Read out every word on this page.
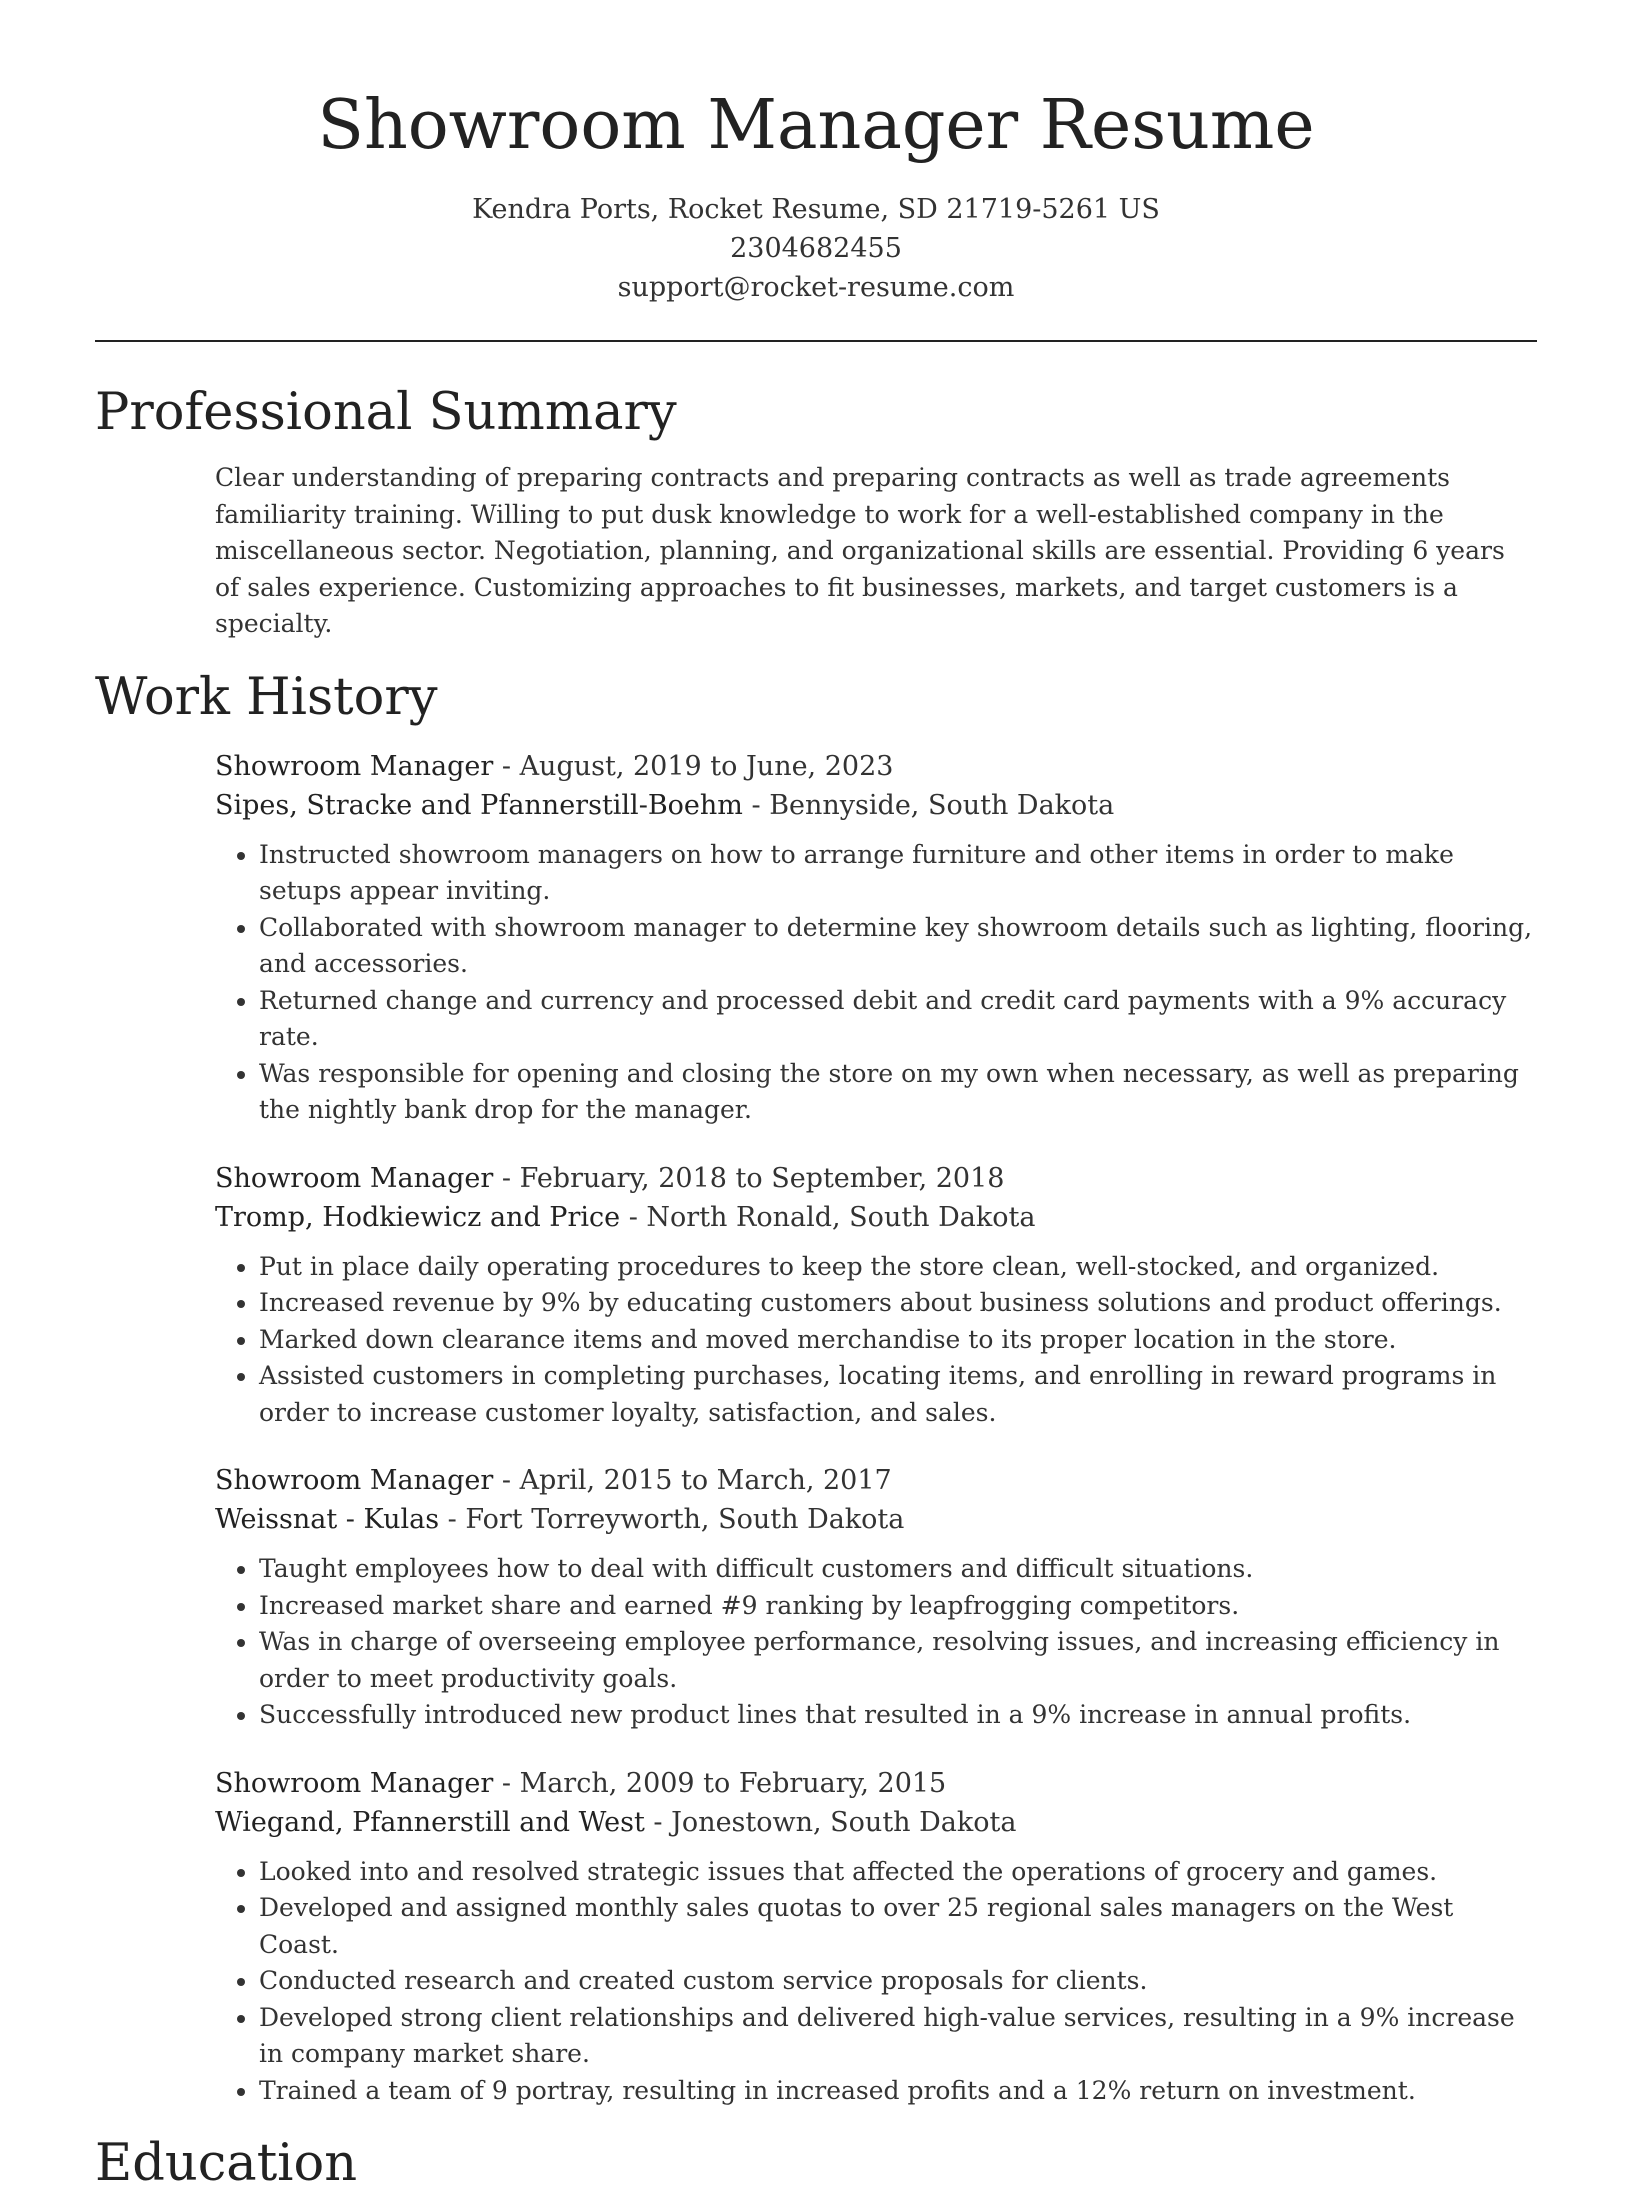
Showroom Manager Resume
Kendra Ports, Rocket Resume, SD 21719-5261 US
2304682455
support@rocket-resume.com
Professional Summary

Clear understanding of preparing contracts and preparing contracts as well as trade agreements familiarity training. Willing to put dusk knowledge to work for a well-established company in the miscellaneous sector. Negotiation, planning, and organizational skills are essential. Providing 6 years of sales experience. Customizing approaches to fit businesses, markets, and target customers is a specialty.

Work History
Showroom Manager - August, 2019 to June, 2023
Sipes, Stracke and Pfannerstill-Boehm - Bennyside, South Dakota
• Instructed showroom managers on how to arrange furniture and other items in order to make setups appear inviting.
• Collaborated with showroom manager to determine key showroom details such as lighting, flooring, and accessories.
• Returned change and currency and processed debit and credit card payments with a 9% accuracy rate.
• Was responsible for opening and closing the store on my own when necessary, as well as preparing the nightly bank drop for the manager.
Showroom Manager - February, 2018 to September, 2018
Tromp, Hodkiewicz and Price - North Ronald, South Dakota
• Put in place daily operating procedures to keep the store clean, well-stocked, and organized.
• Increased revenue by 9% by educating customers about business solutions and product offerings.
• Marked down clearance items and moved merchandise to its proper location in the store.
• Assisted customers in completing purchases, locating items, and enrolling in reward programs in order to increase customer loyalty, satisfaction, and sales.
Showroom Manager - April, 2015 to March, 2017
Weissnat - Kulas - Fort Torreyworth, South Dakota
• Taught employees how to deal with difficult customers and difficult situations.
• Increased market share and earned #9 ranking by leapfrogging competitors.
• Was in charge of overseeing employee performance, resolving issues, and increasing efficiency in order to meet productivity goals.
• Successfully introduced new product lines that resulted in a 9% increase in annual profits.
Showroom Manager - March, 2009 to February, 2015
Wiegand, Pfannerstill and West - Jonestown, South Dakota
• Looked into and resolved strategic issues that affected the operations of grocery and games.
• Developed and assigned monthly sales quotas to over 25 regional sales managers on the West Coast.
• Conducted research and created custom service proposals for clients.
• Developed strong client relationships and delivered high-value services, resulting in a 9% increase in company market share.
• Trained a team of 9 portray, resulting in increased profits and a 12% return on investment.
Education
